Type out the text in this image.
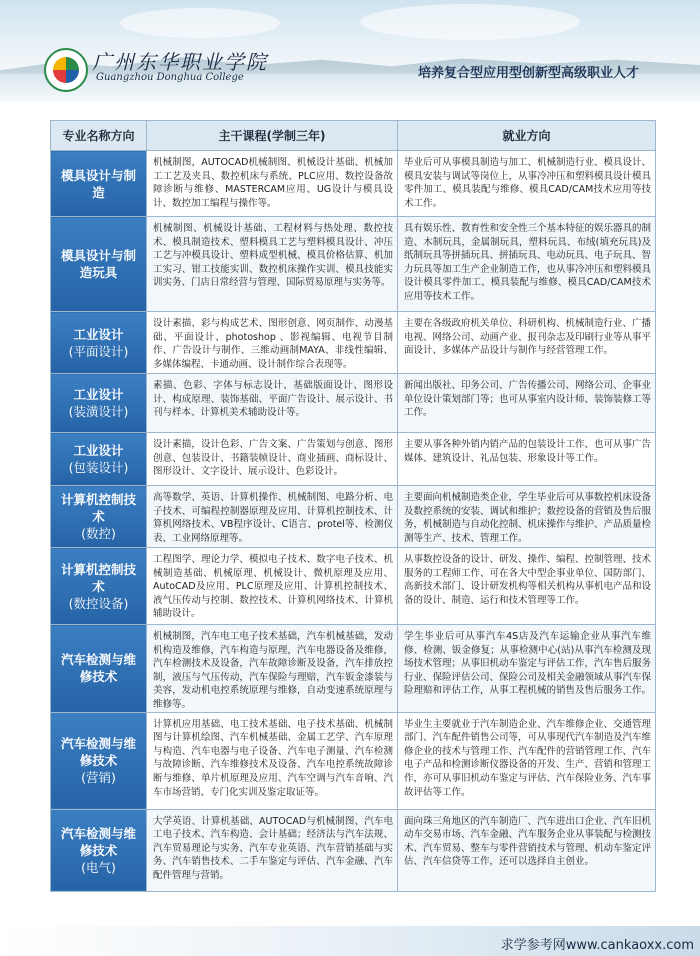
广州东华职业学院
Guangzhou Donghua College	培养复合型应用型创新型高级职业人才
专业名称方向	主干课程(学制三年)	就业方向

模具设计与制造	机械制图，AUTOCAD机械制图、机械设计基础、机械加工工艺及夹具、数控机床与系统、PLC应用、数控设备故障诊断与维修、MASTERCAM应用、UG设计与模具设计、数控加工编程与操作等。	毕业后可从事模具制造与加工、机械制造行业、模具设计、模具安装与调试等岗位上，从事冷冲压和塑料模具设计模具零件加工、模具装配与维修、模具CAD/CAM技术应用等技术工作。

模具设计与制造玩具	机械制图、机械设计基础、工程材料与热处理、数控技术、模具制造技术、塑料模具工艺与塑料模具设计、冲压工艺与冲模具设计、塑料成型机械、模具价格估算、机加工实习、钳工技能实训、数控机床操作实训、模具技能实训实务、门店日常经营与管理、国际贸易原理与实务等。	具有娱乐性、教育性和安全性三个基本特征的娱乐器具的制造、木制玩具，金属制玩具，塑料玩具、布绒(填充玩具)及纸制玩具等拼插玩具、拼插玩具、电动玩具、电子玩具、智力玩具等加工生产企业制造工作，也从事冷冲压和塑料模具设计模具零件加工、模具装配与维修、模具CAD/CAM技术应用等技术工作。

工业设计
(平面设计)	设计素描、彩与构成艺术、图形创意、网页制作、动漫基础、平面设计、photoshop 、影视编辑、电视节目制作、广告设计与制作、三维动画制MAYA、非线性编辑、多媒体编程、卡通动画、设计制作综合表现等。	主要在各级政府机关单位、科研机构、机械制造行业、广播电视、网络公司、动画产业、报刊杂志及印刷行业等从事平面设计、多媒体产品设计与制作与经营管理工作。

工业设计
(装潢设计)	素描、色彩、字体与标志设计、基础版面设计、图形设计、构成原理、装饰基础、平面广告设计、展示设计、书刊与样本、计算机美术辅助设计等。	新闻出版社、印务公司、广告传播公司、网络公司、企事业单位设计策划部门等；也可从事室内设计师、装饰装修工等工作。

工业设计
(包装设计)	设计素描，设计色彩、广告文案、广告策划与创意、图形创意、包装设计、书籍装帧设计、商业插画、商标设计、图形设计、文字设计、展示设计、色彩设计。	主要从事各种外销内销产品的包装设计工作、也可从事广告媒体、建筑设计、礼品包装、形象设计等工作。

计算机控制技术
(数控)	高等数学、英语、计算机操作、机械制图、电路分析、电子技术、可编程控制器原理及应用、计算机控制技术、计算机网络技术、VB程序设计、C语言、protel等、检测仪表、工业网络原理等。	主要面向机械制造类企业，学生毕业后可从事数控机床设备及数控系统的安装、调试和维护；数控设备的营销及售后服务，机械制造与自动化控制、机床操作与维护、产品质量检测等生产、技术、管理工作。

计算机控制技术
(数控设备)	工程图学、理论力学、模拟电子技术、数字电子技术、机械制造基础、机械原理、机械设计、微机原理及应用、AutoCAD及应用、PLC原理及应用、计算机控制技术、液气压传动与控制、数控技术、计算机网络技术、计算机辅助设计。	从事数控设备的设计、研发、操作、编程、控制管理、技术服务的工程师工作、可在各大中型企事业单位、国防部门、高新技术部门、设计研发机构等相关机构从事机电产品和设备的设计、制造、运行和技术管理等工作。

汽车检测与维修技术	机械制图，汽车电工电子技术基础，汽车机械基础，发动机构造及维修，汽车构造与原理，汽车电器设备及维修，汽车检测技术及设备，汽车故障诊断及设备，汽车排放控制，液压与气压传动，汽车保险与理赔，汽车钣金漆装与美容，发动机电控系统原理与维修，自动变速系统原理与维修等。	学生毕业后可从事汽车4S店及汽车运输企业从事汽车维修、检测、钣金修复；从事检测中心(站)从事汽车检测及现场技术管理；从事旧机动车鉴定与评估工作，汽车售后服务行业、保险评估公司、保险公司及相关金融领域从事汽车保险理赔和评估工作，从事工程机械的销售及售后服务工作。

汽车检测与维修技术
(营销)	计算机应用基础、电工技术基础、电子技术基础、机械制图与计算机绘图、汽车机械基础、金属工艺学、汽车原理与构造、汽车电器与电子设备、汽车电子测量、汽车检测与故障诊断、汽车维修技术及设备、汽车电控系统故障诊断与维修、单片机原理及应用、汽车空调与汽车音响、汽车市场营销、专门化实训及鉴定取证等。	毕业生主要就业于汽车制造企业、汽车维修企业、交通管理部门、汽车配件销售公司等，可从事现代汽车制造及汽车维修企业的技术与管理工作、汽车配件的营销管理工作、汽车电子产品和检测诊断仪器设备的开发、生产、营销和管理工作，亦可从事旧机动车鉴定与评估、汽车保险业务、汽车事故评估等工作。

汽车检测与维修技术
(电气)	大学英语、计算机基础、AUTOCAD与机械制图、汽车电工电子技术、汽车构造、会计基础；经济法与汽车法规、汽车贸易理论与实务、汽车专业英语、汽车营销基础与实务、汽车销售技术、二手车鉴定与评估、汽车金融、汽车配件管理与营销。	面向珠三角地区的汽车制造厂、汽车进出口企业、汽车旧机动车交易市场、汽车金融、汽车服务企业从事装配与检测技术、汽车贸易、整车与零件营销技术与管理、机动车鉴定评估、汽车信贷等工作，还可以选择自主创业。
求学参考网www.cankaoxx.com
